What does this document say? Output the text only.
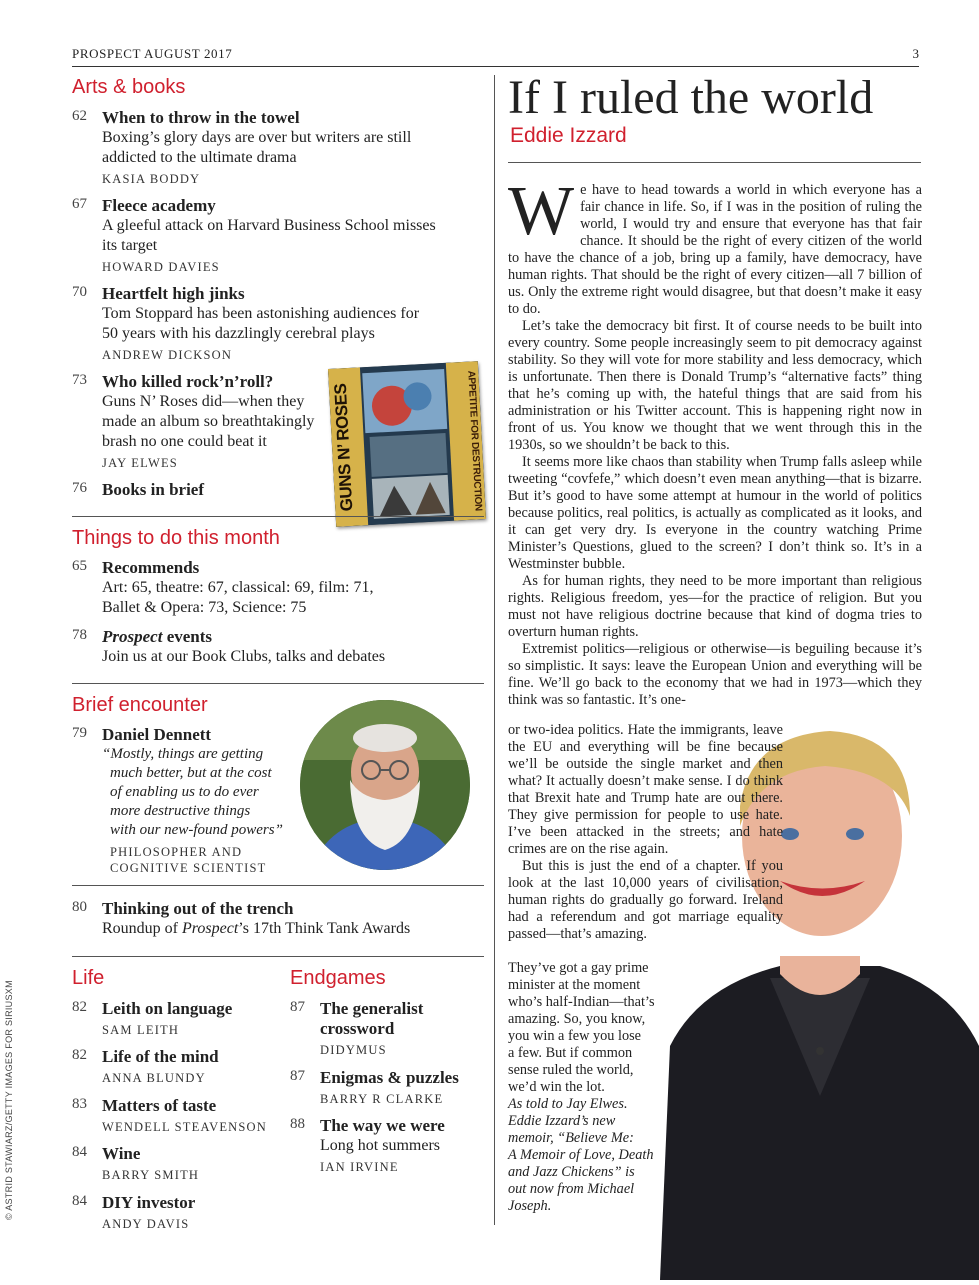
PROSPECT AUGUST 2017	3
Arts & books
62 When to throw in the towel

Boxing’s glory days are over but writers are still

addicted to the ultimate drama

KASIA BODDY
67 Fleece academy

A gleeful attack on Harvard Business School misses

its target

HOWARD DAVIES
70 Heartfelt high jinks

Tom Stoppard has been astonishing audiences for

50 years with his dazzlingly cerebral plays

ANDREW DICKSON
73 Who killed rock’n’roll?

Guns N’ Roses did—when they

made an album so breathtakingly

brash no one could beat it

JAY ELWES
76 Books in brief	GUNS N’ ROSES	APPETITE FOR DESTRUCTION
Things to do this month
65 Recommends

Art: 65, theatre: 67, classical: 69, film: 71,

Ballet & Opera: 73, Science: 75

78 Prospect events

Join us at our Book Clubs, talks and debates

Brief encounter
79 Daniel Dennett

“Mostly, things are getting
much better, but at the cost
of enabling us to do ever
more destructive things
with our new-found powers”
PHILOSOPHER AND
COGNITIVE SCIENTIST
80 Thinking out of the trench

Roundup of Prospect’s 17th Think Tank Awards

Life
82 Leith on language

SAM LEITH
82 Life of the mind

ANNA BLUNDY
83 Matters of taste

WENDELL STEAVENSON
84 Wine

BARRY SMITH
84 DIY investor

ANDY DAVIS
Endgames
87 The generalist

crossword

DIDYMUS
87 Enigmas & puzzles

BARRY R CLARKE
88 The way we were

Long hot summers

IAN IRVINE
© ASTRID STAWIARZ/GETTY IMAGES FOR SIRIUSXM
If I ruled the world
Eddie Izzard

We have to head towards a world in which everyone has a fair chance in life. So, if I was in the position of ruling the world, I would try and ensure that everyone has that fair chance. It should be the right of every citizen of the world to have the chance of a job, bring up a family, have democracy, have human rights. That should be the right of every citizen—all 7 billion of us. Only the extreme right would disagree, but that doesn’t make it easy to do.

Let’s take the democracy bit first. It of course needs to be built into every country. Some people increasingly seem to pit democracy against stability. So they will vote for more stability and less democracy, which is unfortunate. Then there is Donald Trump’s “alternative facts” thing that he’s coming up with, the hateful things that are said from his administration or his Twitter account. This is happening right now in front of us. You know we thought that we went through this in the 1930s, so we shouldn’t be back to this.

It seems more like chaos than stability when Trump falls asleep while tweeting “covfefe,” which doesn’t even mean anything—that is bizarre. But it’s good to have some attempt at humour in the world of politics because politics, real politics, is actually as complicated as it looks, and it can get very dry. Is everyone in the country watching Prime Minister’s Questions, glued to the screen? I don’t think so. It’s in a Westminster bubble.

As for human rights, they need to be more important than religious rights. Religious freedom, yes—for the practice of religion. But you must not have religious doctrine because that kind of dogma tries to overturn human rights.

Extremist politics—religious or otherwise—is beguiling because it’s so simplistic. It says: leave the European Union and everything will be fine. We’ll go back to the economy that we had in 1973—which they think was so fantastic. It’s one-

or two-idea politics. Hate the immigrants, leave the EU and everything will be fine because we’ll be outside the single market and then what? It actually doesn’t make sense. I do think that Brexit hate and Trump hate are out there. They give permission for people to use hate. I’ve been attacked in the streets; and hate crimes are on the rise again.

But this is just the end of a chapter. If you look at the last 10,000 years of civilisation, human rights do gradually go forward. Ireland had a referendum and got marriage equality passed—that’s amazing.

They’ve got a gay prime
minister at the moment
who’s half-Indian—that’s
amazing. So, you know,
you win a few you lose
a few. But if common
sense ruled the world,
we’d win the lot.
As told to Jay Elwes.
Eddie Izzard’s new
memoir, “Believe Me:
A Memoir of Love, Death
and Jazz Chickens” is
out now from Michael
Joseph.
